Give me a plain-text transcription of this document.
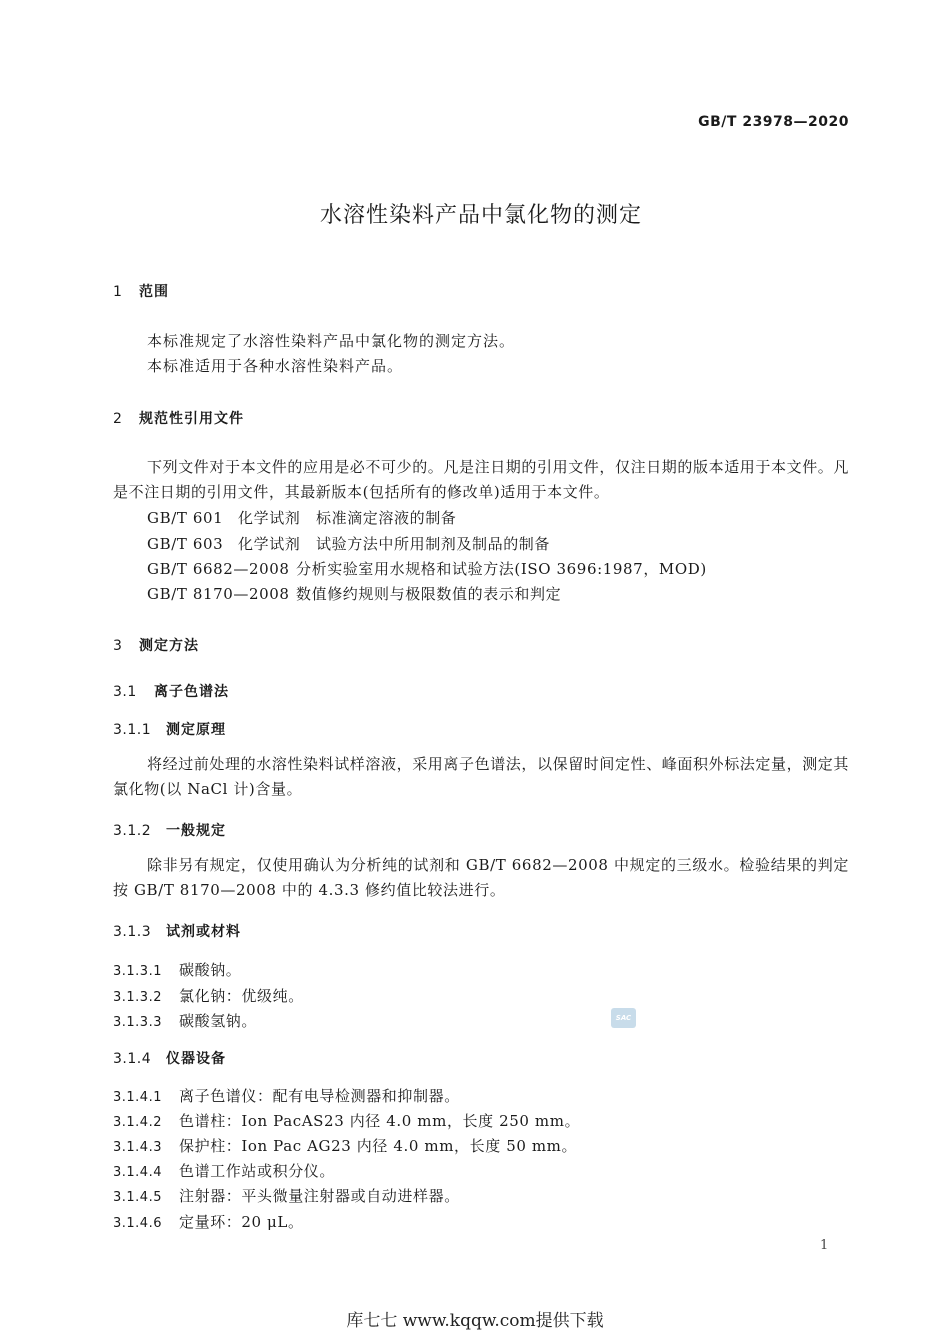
GB/T 23978—2020
水溶性染料产品中氯化物的测定
1 范围
本标准规定了水溶性染料产品中氯化物的测定方法。
本标准适用于各种水溶性染料产品。
2 规范性引用文件
下列文件对于本文件的应用是必不可少的。凡是注日期的引用文件，仅注日期的版本适用于本文件。凡是不注日期的引用文件，其最新版本(包括所有的修改单)适用于本文件。
GB/T 601 化学试剂　标准滴定溶液的制备
GB/T 603 化学试剂　试验方法中所用制剂及制品的制备
GB/T 6682—2008 分析实验室用水规格和试验方法(ISO 3696:1987，MOD)
GB/T 8170—2008 数值修约规则与极限数值的表示和判定
3 测定方法
3.1 离子色谱法
3.1.1 测定原理
将经过前处理的水溶性染料试样溶液，采用离子色谱法，以保留时间定性、峰面积外标法定量，测定其氯化物(以 NaCl 计)含量。
3.1.2 一般规定
除非另有规定，仅使用确认为分析纯的试剂和 GB/T 6682—2008 中规定的三级水。检验结果的判定按 GB/T 8170—2008 中的 4.3.3 修约值比较法进行。
3.1.3 试剂或材料
3.1.3.1 碳酸钠。
3.1.3.2 氯化钠：优级纯。
3.1.3.3 碳酸氢钠。
3.1.4 仪器设备
3.1.4.1 离子色谱仪：配有电导检测器和抑制器。
3.1.4.2 色谱柱：Ion PacAS23 内径 4.0 mm，长度 250 mm。
3.1.4.3 保护柱：Ion Pac AG23 内径 4.0 mm，长度 50 mm。
3.1.4.4 色谱工作站或积分仪。
3.1.4.5 注射器：平头微量注射器或自动进样器。
3.1.4.6 定量环：20 μL。
SAC
1
库七七 www.kqqw.com提供下载
